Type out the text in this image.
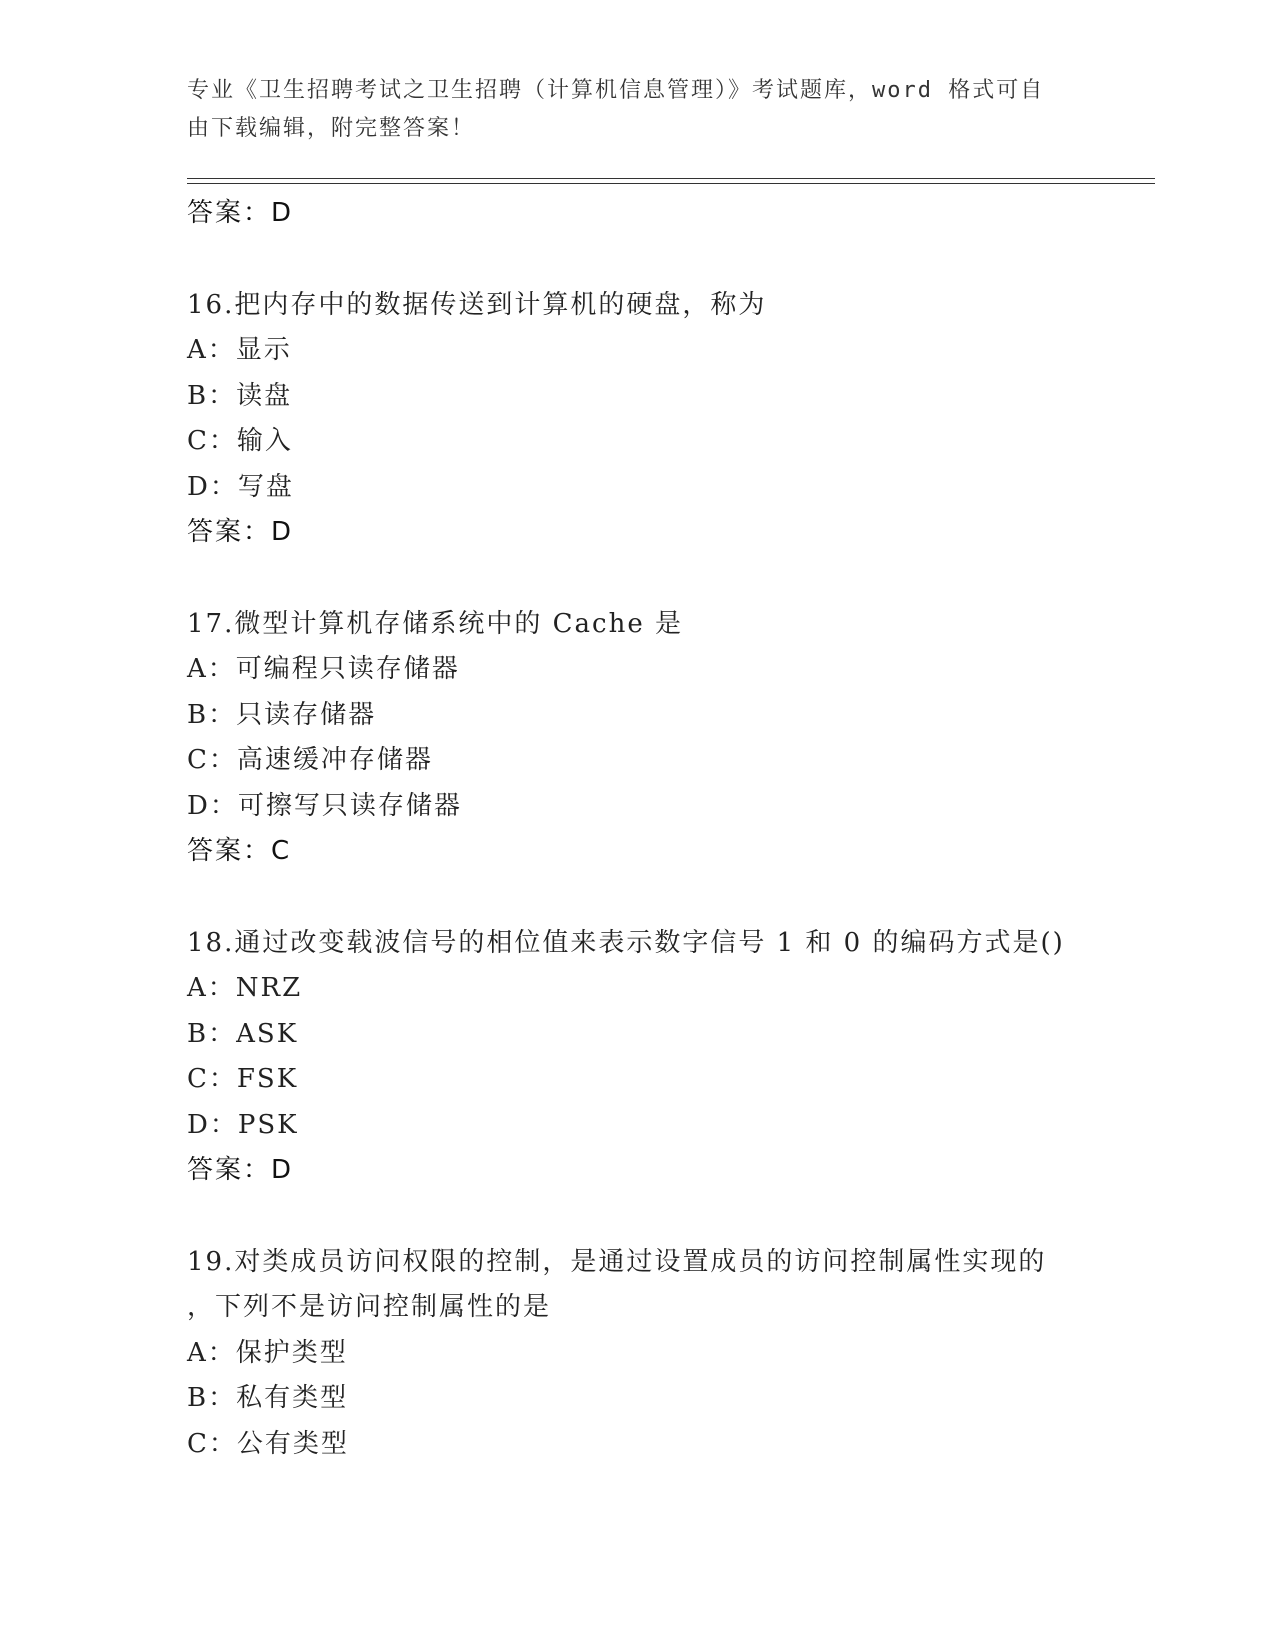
专业《卫生招聘考试之卫生招聘（计算机信息管理）》考试题库，word 格式可自
由下载编辑，附完整答案！
答案：D
16.把内存中的数据传送到计算机的硬盘，称为
A：显示
B：读盘
C：输入
D：写盘
答案：D
17.微型计算机存储系统中的 Cache 是
A：可编程只读存储器
B：只读存储器
C：高速缓冲存储器
D：可擦写只读存储器
答案：C
18.通过改变载波信号的相位值来表示数字信号 1 和 0 的编码方式是()
A：NRZ
B：ASK
C：FSK
D：PSK
答案：D
19.对类成员访问权限的控制，是通过设置成员的访问控制属性实现的
，下列不是访问控制属性的是
A：保护类型
B：私有类型
C：公有类型
